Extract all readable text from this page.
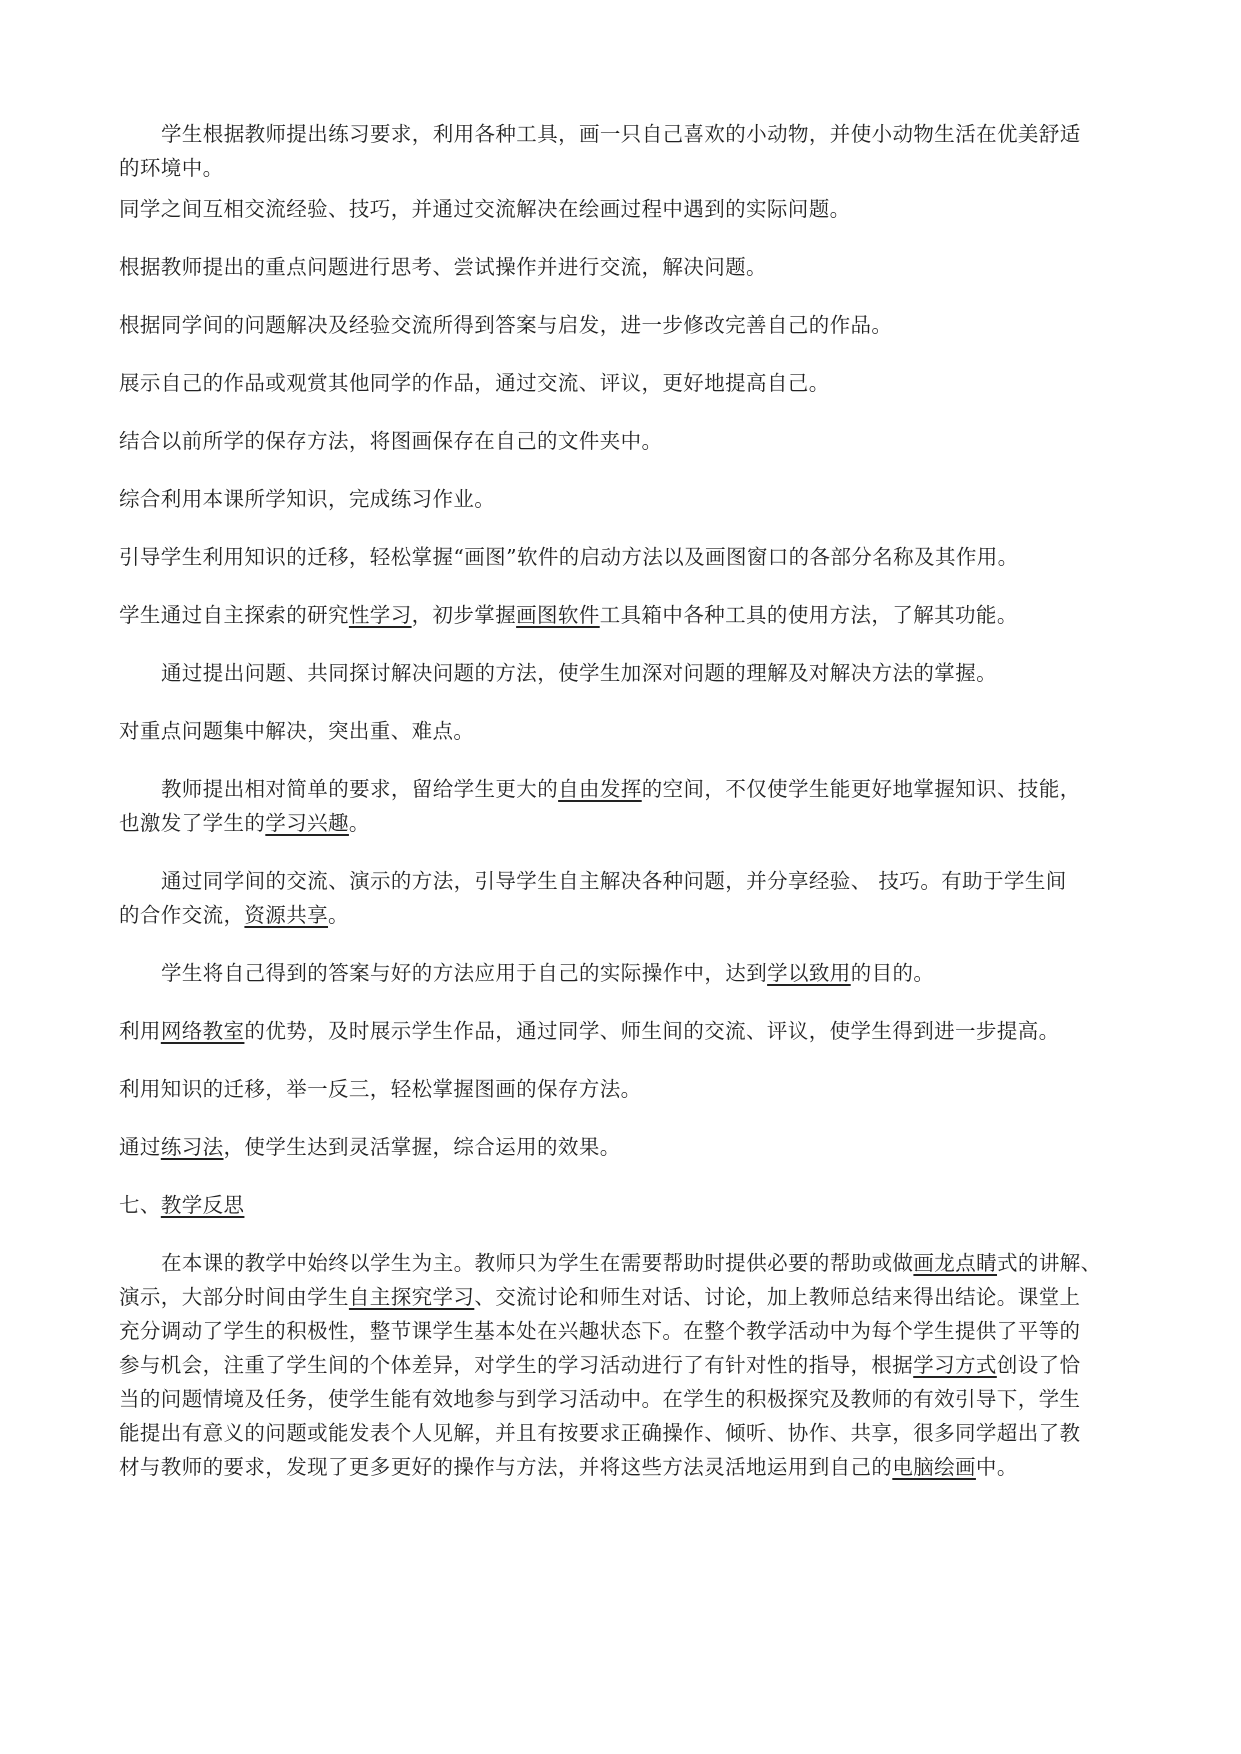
学生根据教师提出练习要求，利用各种工具，画一只自己喜欢的小动物，并使小动物生活在优美舒适
的环境中。

同学之间互相交流经验、技巧，并通过交流解决在绘画过程中遇到的实际问题。

根据教师提出的重点问题进行思考、尝试操作并进行交流，解决问题。

根据同学间的问题解决及经验交流所得到答案与启发，进一步修改完善自己的作品。

展示自己的作品或观赏其他同学的作品，通过交流、评议，更好地提高自己。

结合以前所学的保存方法，将图画保存在自己的文件夹中。

综合利用本课所学知识，完成练习作业。

引导学生利用知识的迁移，轻松掌握“画图”软件的启动方法以及画图窗口的各部分名称及其作用。

学生通过自主探索的研究性学习，初步掌握画图软件工具箱中各种工具的使用方法，了解其功能。

通过提出问题、共同探讨解决问题的方法，使学生加深对问题的理解及对解决方法的掌握。

对重点问题集中解决，突出重、难点。

教师提出相对简单的要求，留给学生更大的自由发挥的空间，不仅使学生能更好地掌握知识、技能，
也激发了学生的学习兴趣。

通过同学间的交流、演示的方法，引导学生自主解决各种问题，并分享经验、 技巧。有助于学生间
的合作交流，资源共享。

学生将自己得到的答案与好的方法应用于自己的实际操作中，达到学以致用的目的。

利用网络教室的优势，及时展示学生作品，通过同学、师生间的交流、评议，使学生得到进一步提高。

利用知识的迁移，举一反三，轻松掌握图画的保存方法。

通过练习法，使学生达到灵活掌握，综合运用的效果。

七、教学反思

在本课的教学中始终以学生为主。教师只为学生在需要帮助时提供必要的帮助或做画龙点睛式的讲解、
演示，大部分时间由学生自主探究学习、交流讨论和师生对话、讨论，加上教师总结来得出结论。课堂上
充分调动了学生的积极性，整节课学生基本处在兴趣状态下。在整个教学活动中为每个学生提供了平等的
参与机会，注重了学生间的个体差异，对学生的学习活动进行了有针对性的指导，根据学习方式创设了恰
当的问题情境及任务，使学生能有效地参与到学习活动中。在学生的积极探究及教师的有效引导下，学生
能提出有意义的问题或能发表个人见解，并且有按要求正确操作、倾听、协作、共享，很多同学超出了教
材与教师的要求，发现了更多更好的操作与方法，并将这些方法灵活地运用到自己的电脑绘画中。
